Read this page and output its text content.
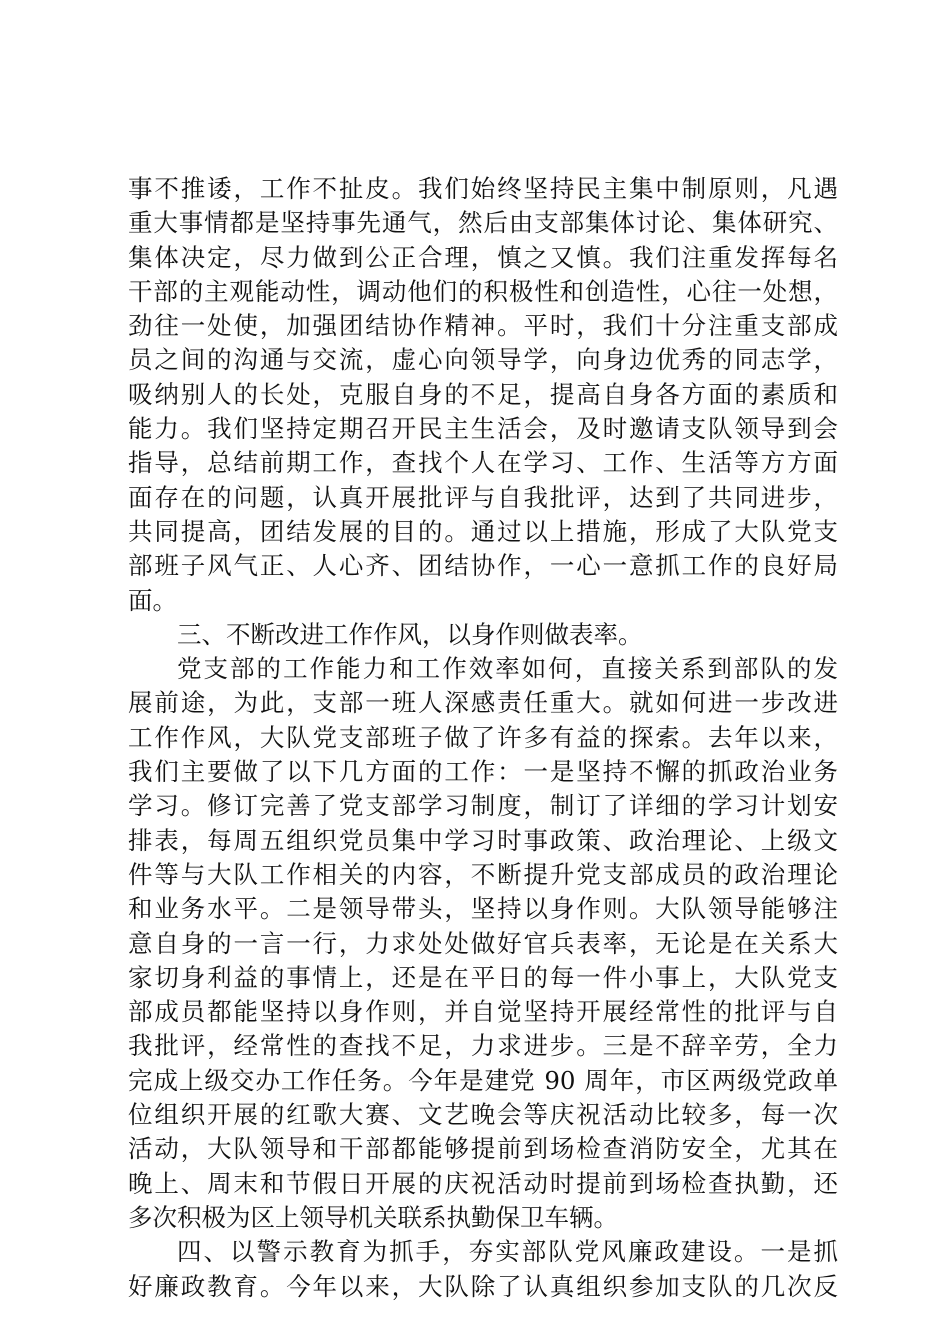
事不推诿，工作不扯皮。我们始终坚持民主集中制原则，凡遇
重大事情都是坚持事先通气，然后由支部集体讨论、集体研究、
集体决定，尽力做到公正合理，慎之又慎。我们注重发挥每名
干部的主观能动性，调动他们的积极性和创造性，心往一处想，
劲往一处使，加强团结协作精神。平时，我们十分注重支部成
员之间的沟通与交流，虚心向领导学，向身边优秀的同志学，
吸纳别人的长处，克服自身的不足，提高自身各方面的素质和
能力。我们坚持定期召开民主生活会，及时邀请支队领导到会
指导，总结前期工作，查找个人在学习、工作、生活等方方面
面存在的问题，认真开展批评与自我批评，达到了共同进步，
共同提高，团结发展的目的。通过以上措施，形成了大队党支
部班子风气正、人心齐、团结协作，一心一意抓工作的良好局
面。
三、不断改进工作作风，以身作则做表率。
党支部的工作能力和工作效率如何，直接关系到部队的发
展前途，为此，支部一班人深感责任重大。就如何进一步改进
工作作风，大队党支部班子做了许多有益的探索。去年以来，
我们主要做了以下几方面的工作：一是坚持不懈的抓政治业务
学习。修订完善了党支部学习制度，制订了详细的学习计划安
排表，每周五组织党员集中学习时事政策、政治理论、上级文
件等与大队工作相关的内容，不断提升党支部成员的政治理论
和业务水平。二是领导带头，坚持以身作则。大队领导能够注
意自身的一言一行，力求处处做好官兵表率，无论是在关系大
家切身利益的事情上，还是在平日的每一件小事上，大队党支
部成员都能坚持以身作则，并自觉坚持开展经常性的批评与自
我批评，经常性的查找不足，力求进步。三是不辞辛劳，全力
完成上级交办工作任务。今年是建党 90 周年，市区两级党政单
位组织开展的红歌大赛、文艺晚会等庆祝活动比较多，每一次
活动，大队领导和干部都能够提前到场检查消防安全，尤其在
晚上、周末和节假日开展的庆祝活动时提前到场检查执勤，还
多次积极为区上领导机关联系执勤保卫车辆。
四、以警示教育为抓手，夯实部队党风廉政建设。一是抓
好廉政教育。今年以来，大队除了认真组织参加支队的几次反
